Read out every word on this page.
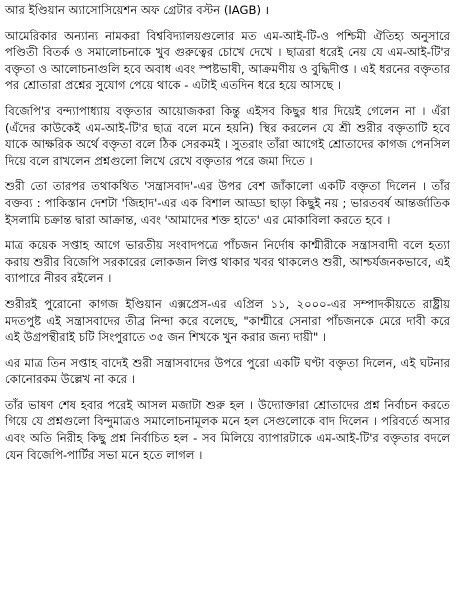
আর ইণ্ডিয়ান অ্যাসোসিয়েশন অফ গ্রেটার বস্টন (IAGB) ।

আমেরিকার অন্যান্য নামকরা বিশ্ববিদ্যালয়গুলোর মত এম-আই-টি-ও পশ্চিমী ঐতিহ্য অনুসারে পণ্ডিতী বিতর্ক ও সমালোচনাকে খুব গুরুত্বের চোখে দেখে । ছাত্ররা ধরেই নেয় যে এম-আই-টি'র বক্তৃতা ও আলোচনাগুলি হবে অবাধ এবং স্পষ্টভাষী, আক্রমণীয় ও বুদ্ধিদীপ্ত । এই ধরনের বক্তৃতার পর শ্রোতারা প্রশ্নের সুযোগ পেয়ে থাকে - এটাই এতদিন ধরে হয়ে আসছে ।

বিজেপি'র বন্দ্যাপাধ্যায় বক্তৃতার আয়োজকরা কিন্তু এইসব কিছুর ধার দিয়েই গেলেন না । এঁরা (এঁদের কাউকেই এম-আই-টি'র ছাত্র বলে মনে হয়নি) স্থির করলেন যে শ্রী শুরীর বক্তৃতাটি হবে যাকে আক্ষরিক অর্থে বক্তৃতা বলে ঠিক সেরকমই । সুতরাং তাঁরা আগেই শ্রোতাদের কাগজ পেনসিল দিয়ে বলে রাখলেন প্রশ্নগুলো লিখে রেখে বক্তৃতার পরে জমা দিতে ।

শুরী তো তারপর তথাকথিত 'সন্ত্রাসবাদ'-এর উপর বেশ জাঁকালো একটি বক্তৃতা দিলেন । তাঁর বক্তব্য : পাকিস্তান দেশটা 'জিহাদ'-এর এক বিশাল আড্ডা ছাড়া কিছুই নয় ; ভারতবর্ষ আন্তর্জাতিক ইসলামি চক্রান্ত দ্বারা আক্রান্ত, এবং 'আমাদের শক্ত হাতে' এর মোকাবিলা করতে হবে ।

মাত্র কয়েক সপ্তাহ আগে ভারতীয় সংবাদপত্রে পাঁচজন নির্দোষ কাশ্মীরীকে সন্ত্রাসবাদী বলে হত্যা করায় শুরীর বিজেপি সরকারের লোকজন লিপ্ত থাকার খবর থাকলেও শুরী, আশ্চর্যজনকভাবে, এই ব্যাপারে নীরব রইলেন ।

শুরীরই পুরোনো কাগজ ইণ্ডিয়ান এক্সপ্রেস-এর এপ্রিল ১১, ২০০০-এর সম্পাদকীয়তে রাষ্ট্রীয় মদতপুষ্ট এই সন্ত্রাসবাদের তীব্র নিন্দা করে বলেছে, "কাশ্মীরে সেনারা পাঁচজনকে মেরে দাবী করে এই উগ্রপন্থীরাই চটি সিংপুরাতে ৩৫ জন শিখকে খুন করার জন্য দায়ী" ।

এর মাত্র তিন সপ্তাহ বাদেই শুরী সন্ত্রাসবাদের উপরে পুরো একটি ঘণ্টা বক্তৃতা দিলেন, এই ঘটনার কোনোরকম উল্লেখ না করে ।

তাঁর ভাষণ শেষ হবার পরেই আসল মজাটা শুরু হল । উদ্যোক্তারা শ্রোতাদের প্রশ্ন নির্বাচন করতে গিয়ে যে প্রশ্নগুলো বিন্দুমাত্রও সমালোচনামূলক মনে হল সেগুলোকে বাদ দিলেন । পরিবর্তে অসার এবং অতি নিরীহ কিছু প্রশ্ন নির্বাচিত হল - সব মিলিয়ে ব্যাপারটাকে এম-আই-টি'র বক্তৃতার বদলে যেন বিজেপি-পার্টির সভা মনে হতে লাগল ।
